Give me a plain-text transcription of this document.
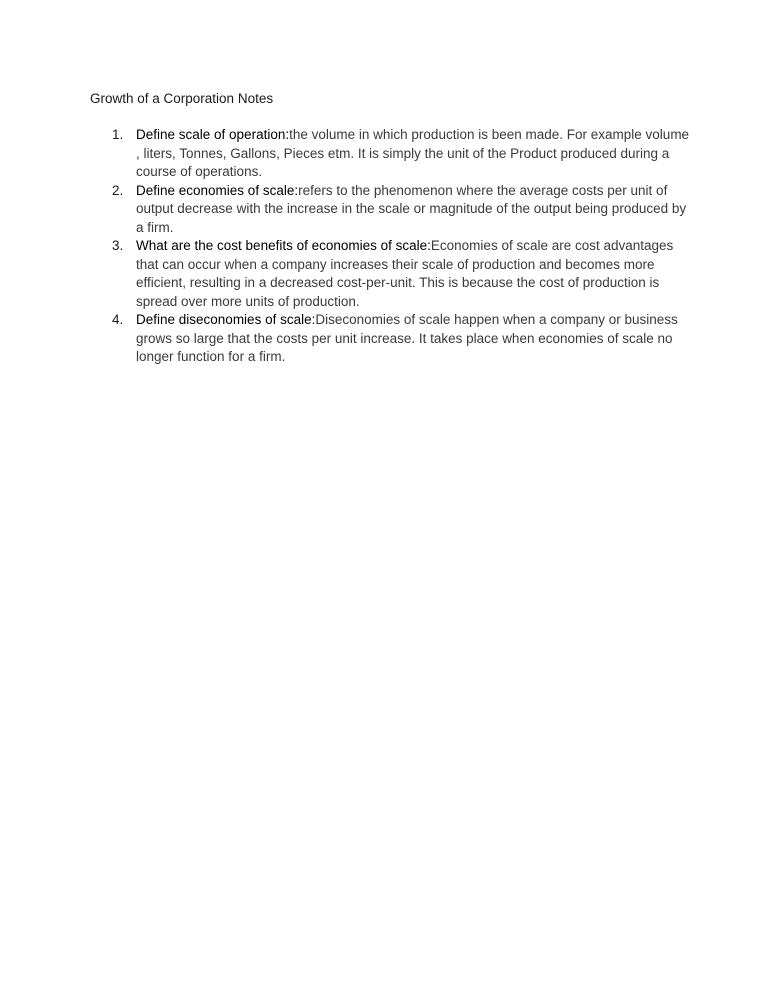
Growth of a Corporation Notes
1. Define scale of operation:the volume in which production is been made. For example volume , liters, Tonnes, Gallons, Pieces etm. It is simply the unit of the Product produced during a course of operations.
2. Define economies of scale:refers to the phenomenon where the average costs per unit of output decrease with the increase in the scale or magnitude of the output being produced by a firm.
3. What are the cost benefits of economies of scale:Economies of scale are cost advantages that can occur when a company increases their scale of production and becomes more efficient, resulting in a decreased cost-per-unit. This is because the cost of production is spread over more units of production.
4. Define diseconomies of scale:Diseconomies of scale happen when a company or business grows so large that the costs per unit increase. It takes place when economies of scale no longer function for a firm.
